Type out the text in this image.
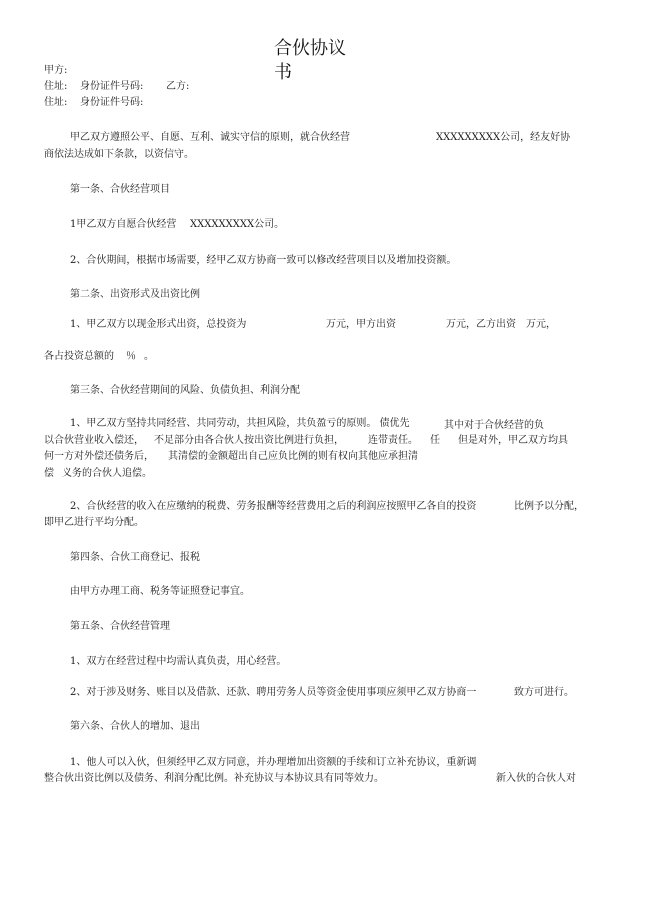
合伙协议
书
甲方:
住址: 身份证件号码: 乙方:
住址: 身份证件号码:
甲乙双方遵照公平、自愿、互利、诚实守信的原则，就合伙经营	XXXXXXXXX公司，经友好协
商依法达成如下条款，以资信守。
第一条、合伙经营项目
1甲乙双方自愿合伙经营 XXXXXXXXX公司。
2、合伙期间，根据市场需要，经甲乙双方协商一致可以修改经营项目以及增加投资额。
第二条、出资形式及出资比例
1、甲乙双方以现金形式出资，总投资为	万元，甲方出资	万元，乙方出资 万元，
各占投资总额的 ％ 。
第三条、合伙经营期间的风险、负债负担、利润分配
1、甲乙双方坚持共同经营、共同劳动，共担风险，共负盈亏的原则。 债优先	其中对于合伙经营的负
以合伙营业收入偿还， 不足部分由各合伙人按出资比例进行负担， 连带责任。 任 但是对外，甲乙双方均具
何一方对外偿还债务后， 其清偿的金额超出自己应负比例的则有权向其他应承担清
偿 义务的合伙人追偿。
2、合伙经营的收入在应缴纳的税费、劳务报酬等经营费用之后的利润应按照甲乙各自的投资	比例予以分配，
即甲乙进行平均分配。
第四条、合伙工商登记、报税
由甲方办理工商、税务等证照登记事宜。
第五条、合伙经营管理
1、双方在经营过程中均需认真负责，用心经营。
2、对于涉及财务、账目以及借款、还款、聘用劳务人员等资金使用事项应须甲乙双方协商一	致方可进行。
第六条、合伙人的增加、退出
1、他人可以入伙，但须经甲乙双方同意，并办理增加出资额的手续和订立补充协议，重新调
整合伙出资比例以及债务、利润分配比例。补充协议与本协议具有同等效力。	新入伙的合伙人对
